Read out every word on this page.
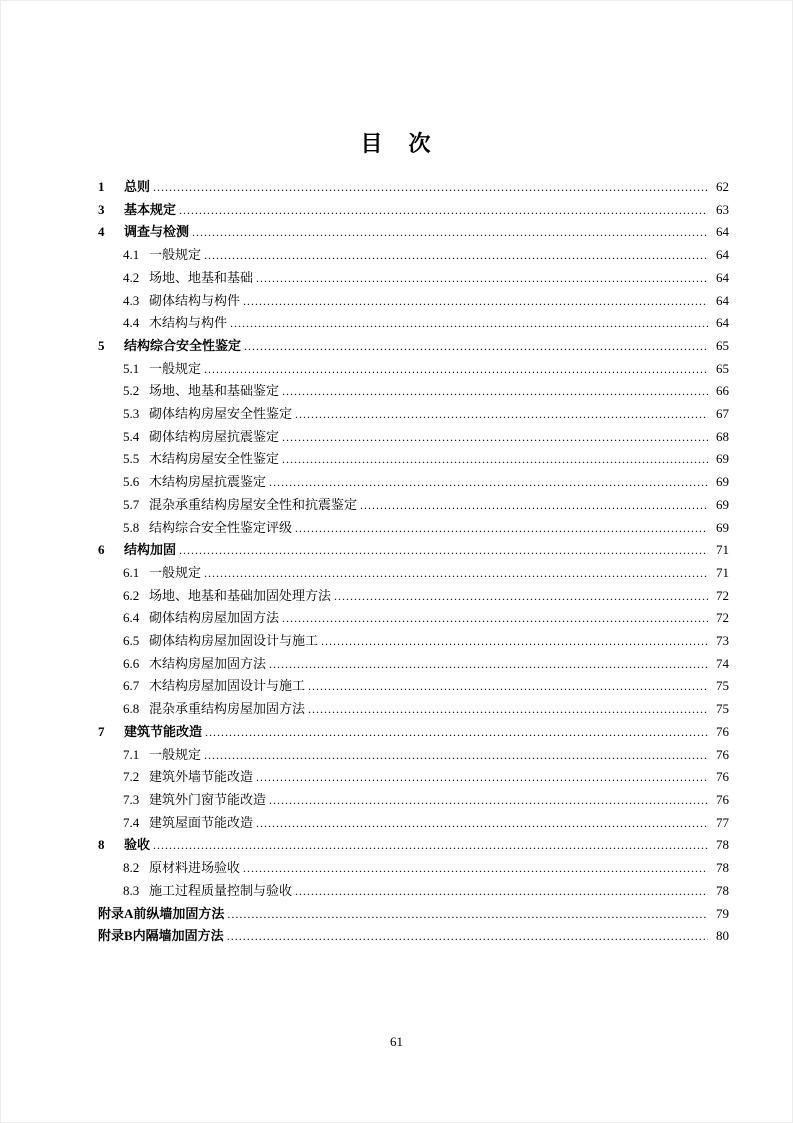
目　次
1	总则 .....	62
3	基本规定 .....	63
4	调查与检测 .....	64
4.1 一般规定 .....	64
4.2 场地、地基和基础 .....	64
4.3 砌体结构与构件 .....	64
4.4 木结构与构件 .....	64
5	结构综合安全性鉴定 .....	65
5.1 一般规定 .....	65
5.2 场地、地基和基础鉴定 .....	66
5.3 砌体结构房屋安全性鉴定 .....	67
5.4 砌体结构房屋抗震鉴定 .....	68
5.5 木结构房屋安全性鉴定 .....	69
5.6 木结构房屋抗震鉴定 .....	69
5.7 混杂承重结构房屋安全性和抗震鉴定 .....	69
5.8 结构综合安全性鉴定评级 .....	69
6	结构加固 .....	71
6.1 一般规定 .....	71
6.2 场地、地基和基础加固处理方法 .....	72
6.4 砌体结构房屋加固方法 .....	72
6.5 砌体结构房屋加固设计与施工 .....	73
6.6 木结构房屋加固方法 .....	74
6.7 木结构房屋加固设计与施工 .....	75
6.8 混杂承重结构房屋加固方法 .....	75
7	建筑节能改造 .....	76
7.1 一般规定 .....	76
7.2 建筑外墙节能改造 .....	76
7.3 建筑外门窗节能改造 .....	76
7.4 建筑屋面节能改造 .....	77
8	验收 .....	78
8.2 原材料进场验收 .....	78
8.3 施工过程质量控制与验收 .....	78
附录A 前纵墙加固方法 .....	79
附录B 内隔墙加固方法 .....	80
61
